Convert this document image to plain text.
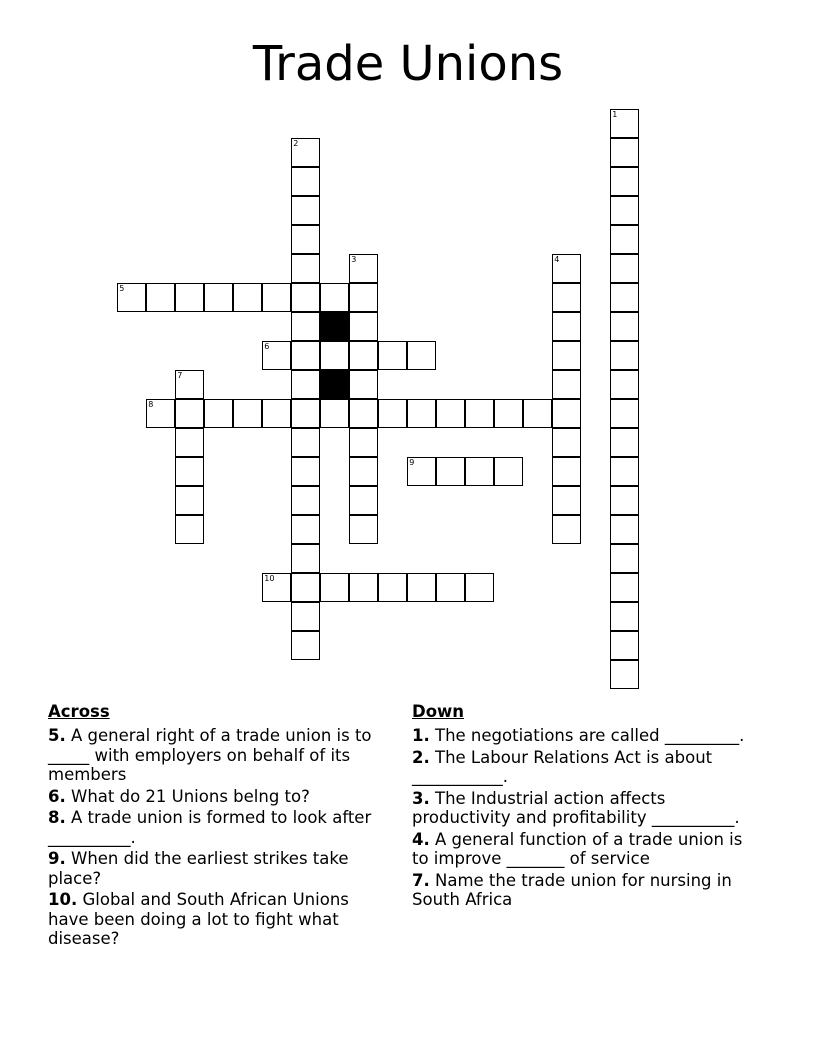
Trade Unions
1
2
3	4
5
6
7
8
9
10
Across
5. A general right of a trade union is to _____ with employers on behalf of its members
6. What do 21 Unions belng to?
8. A trade union is formed to look after __________.
9. When did the earliest strikes take place?
10. Global and South African Unions have been doing a lot to fight what disease?
Down
1. The negotiations are called _________.
2. The Labour Relations Act is about ___________.
3. The Industrial action affects productivity and profitability __________.
4. A general function of a trade union is to improve _______ of service
7. Name the trade union for nursing in South Africa
